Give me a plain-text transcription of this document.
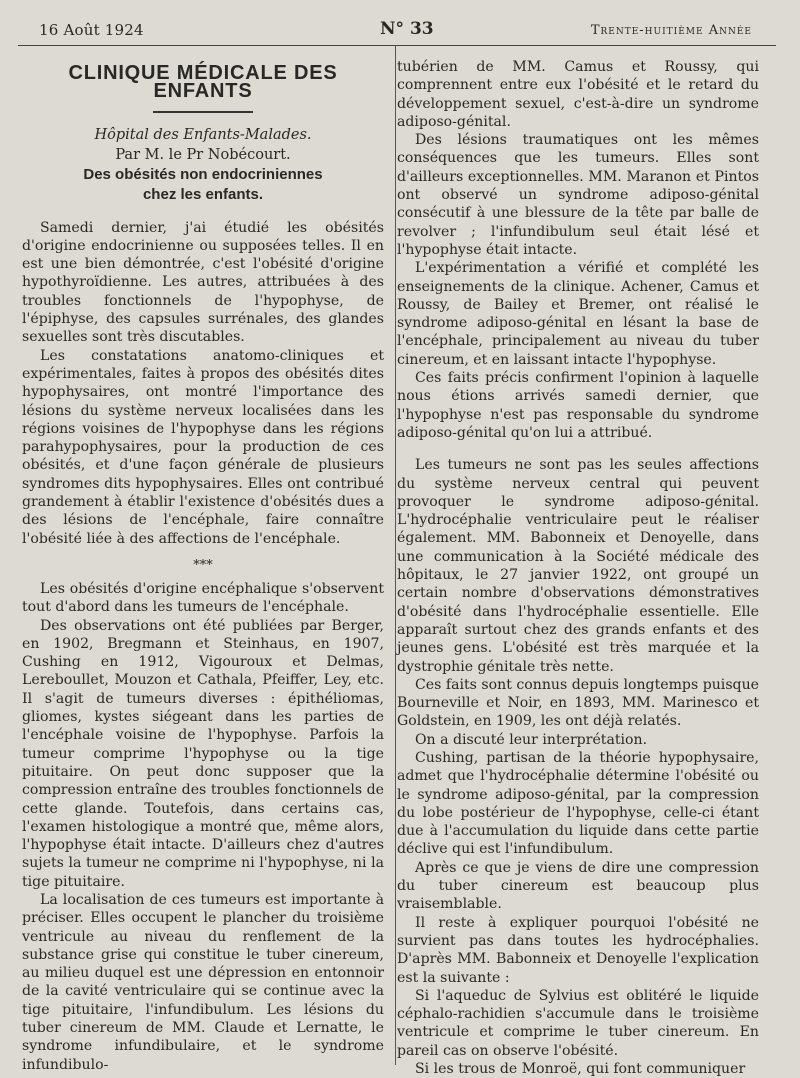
16 Août 1924	N° 33	Trente-huitième Année
CLINIQUE MÉDICALE DES ENFANTS

Hôpital des Enfants-Malades.

Par M. le Pr Nobécourt.

Des obésités non endocriniennes
chez les enfants.

Samedi dernier, j'ai étudié les obésités d'origine endocrinienne ou supposées telles. Il en est une bien démontrée, c'est l'obésité d'origine hypothyroïdienne. Les autres, attribuées à des troubles fonctionnels de l'hypophyse, de l'épiphyse, des capsules surrénales, des glandes sexuelles sont très discutables.

Les constatations anatomo-cliniques et expérimentales, faites à propos des obésités dites hypophysaires, ont montré l'importance des lésions du système nerveux localisées dans les régions voisines de l'hypophyse dans les régions parahypophysaires, pour la production de ces obésités, et d'une façon générale de plusieurs syndromes dits hypophysaires. Elles ont contribué grandement à établir l'existence d'obésités dues a des lésions de l'encéphale, faire connaître l'obésité liée à des affections de l'encéphale.

***

Les obésités d'origine encéphalique s'observent tout d'abord dans les tumeurs de l'encéphale.

Des observations ont été publiées par Berger, en 1902, Bregmann et Steinhaus, en 1907, Cushing en 1912, Vigouroux et Delmas, Lereboullet, Mouzon et Cathala, Pfeiffer, Ley, etc. Il s'agit de tumeurs diverses : épithéliomas, gliomes, kystes siégeant dans les parties de l'encéphale voisine de l'hypophyse. Parfois la tumeur comprime l'hypophyse ou la tige pituitaire. On peut donc supposer que la compression entraîne des troubles fonctionnels de cette glande. Toutefois, dans certains cas, l'examen histologique a montré que, même alors, l'hypophyse était intacte. D'ailleurs chez d'autres sujets la tumeur ne comprime ni l'hypophyse, ni la tige pituitaire.

La localisation de ces tumeurs est importante à préciser. Elles occupent le plancher du troisième ventricule au niveau du renflement de la substance grise qui constitue le tuber cinereum, au milieu duquel est une dépression en entonnoir de la cavité ventriculaire qui se continue avec la tige pituitaire, l'infundibulum. Les lésions du tuber cinereum de MM. Claude et Lernatte, le syndrome infundibulaire, et le syndrome infundibulo-

tubérien de MM. Camus et Roussy, qui comprennent entre eux l'obésité et le retard du développement sexuel, c'est-à-dire un syndrome adiposo-génital.

Des lésions traumatiques ont les mêmes conséquences que les tumeurs. Elles sont d'ailleurs exceptionnelles. MM. Maranon et Pintos ont observé un syndrome adiposo-génital consécutif à une blessure de la tête par balle de revolver ; l'infundibulum seul était lésé et l'hypophyse était intacte.

L'expérimentation a vérifié et complété les enseignements de la clinique. Achener, Camus et Roussy, de Bailey et Bremer, ont réalisé le syndrome adiposo-génital en lésant la base de l'encéphale, principalement au niveau du tuber cinereum, et en laissant intacte l'hypophyse.

Ces faits précis confirment l'opinion à laquelle nous étions arrivés samedi dernier, que l'hypophyse n'est pas responsable du syndrome adiposo-génital qu'on lui a attribué.

Les tumeurs ne sont pas les seules affections du système nerveux central qui peuvent provoquer le syndrome adiposo-génital. L'hydrocéphalie ventriculaire peut le réaliser également. MM. Babonneix et Denoyelle, dans une communication à la Société médicale des hôpitaux, le 27 janvier 1922, ont groupé un certain nombre d'observations démonstratives d'obésité dans l'hydrocéphalie essentielle. Elle apparaît surtout chez des grands enfants et des jeunes gens. L'obésité est très marquée et la dystrophie génitale très nette.

Ces faits sont connus depuis longtemps puisque Bourneville et Noir, en 1893, MM. Marinesco et Goldstein, en 1909, les ont déjà relatés.

On a discuté leur interprétation.

Cushing, partisan de la théorie hypophysaire, admet que l'hydrocéphalie détermine l'obésité ou le syndrome adiposo-génital, par la compression du lobe postérieur de l'hypophyse, celle-ci étant due à l'accumulation du liquide dans cette partie déclive qui est l'infundibulum.

Après ce que je viens de dire une compression du tuber cinereum est beaucoup plus vraisemblable.

Il reste à expliquer pourquoi l'obésité ne survient pas dans toutes les hydrocéphalies. D'après MM. Babonneix et Denoyelle l'explication est la suivante :

Si l'aqueduc de Sylvius est oblitéré le liquide céphalo-rachidien s'accumule dans le troisième ventricule et comprime le tuber cinereum. En pareil cas on observe l'obésité.

Si les trous de Monroë, qui font communiquer
